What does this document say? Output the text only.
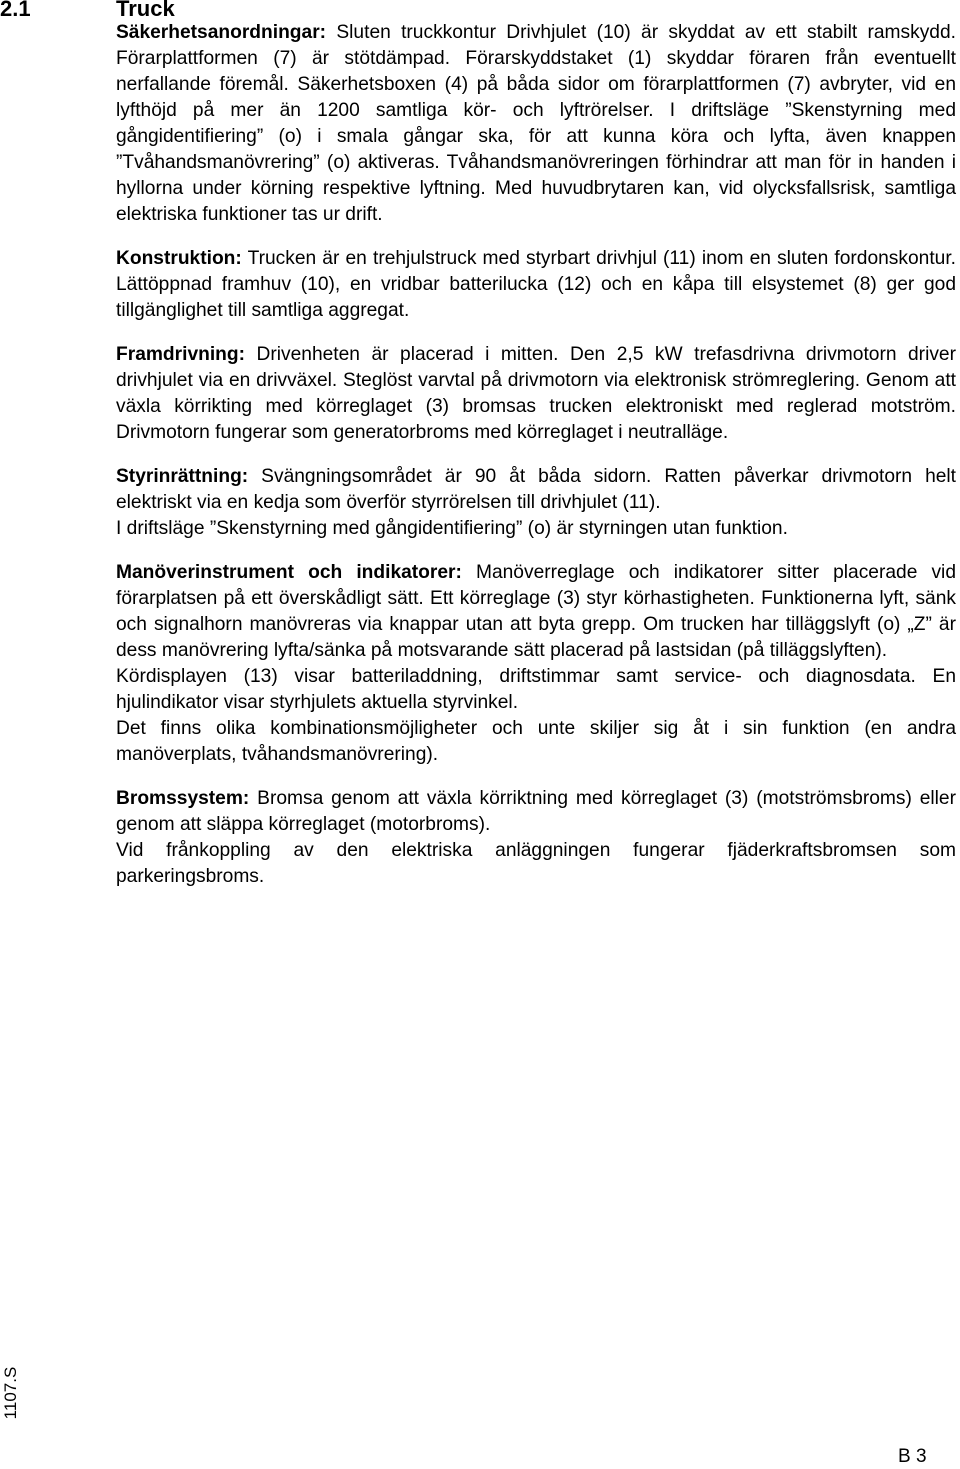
2.1	Truck

Säkerhetsanordningar: Sluten truckkontur Drivhjulet (10) är skyddat av ett stabilt ramskydd. Förarplattformen (7) är stötdämpad. Förarskyddstaket (1) skyddar föraren från eventuellt nerfallande föremål. Säkerhetsboxen (4) på båda sidor om förarplattformen (7) avbryter, vid en lyfthöjd på mer än 1200 samtliga kör- och lyftrörelser. I driftsläge ”Skenstyrning med gångidentifiering” (o) i smala gångar ska, för att kunna köra och lyfta, även knappen ”Tvåhandsmanövrering” (o) aktiveras. Tvåhandsmanövreringen förhindrar att man för in handen i hyllorna under körning respektive lyftning. Med huvudbrytaren kan, vid olycksfallsrisk, samtliga elektriska funktioner tas ur drift.

Konstruktion: Trucken är en trehjulstruck med styrbart drivhjul (11) inom en sluten fordonskontur. Lättöppnad framhuv (10), en vridbar batterilucka (12) och en kåpa till elsystemet (8) ger god tillgänglighet till samtliga aggregat.

Framdrivning: Drivenheten är placerad i mitten. Den 2,5 kW trefasdrivna drivmotorn driver drivhjulet via en drivväxel. Steglöst varvtal på drivmotorn via elektronisk strömreglering. Genom att växla körrikting med körreglaget (3) bromsas trucken elektroniskt med reglerad motström. Drivmotorn fungerar som generatorbroms med körreglaget i neutralläge.

Styrinrättning: Svängningsområdet är 90 åt båda sidorn. Ratten påverkar drivmotorn helt elektriskt via en kedja som överför styrrörelsen till drivhjulet (11).

I driftsläge ”Skenstyrning med gångidentifiering” (o) är styrningen utan funktion.

Manöverinstrument och indikatorer: Manöverreglage och indikatorer sitter placerade vid förarplatsen på ett överskådligt sätt. Ett körreglage (3) styr körhastigheten. Funktionerna lyft, sänk och signalhorn manövreras via knappar utan att byta grepp. Om trucken har tilläggslyft (o) „Z” är dess manövrering lyfta/sänka på motsvarande sätt placerad på lastsidan (på tilläggslyften).

Kördisplayen (13) visar batteriladdning, driftstimmar samt service- och diagnosdata. En hjulindikator visar styrhjulets aktuella styrvinkel.

Det finns olika kombinationsmöjligheter och unte skiljer sig åt i sin funktion (en andra manöverplats, tvåhandsmanövrering).

Bromssystem: Bromsa genom att växla körriktning med körreglaget (3) (motströmsbroms) eller genom att släppa körreglaget (motorbroms).

Vid frånkoppling av den elektriska anläggningen fungerar fjäderkraftsbromsen som parkeringsbroms.

1107.S
B 3
